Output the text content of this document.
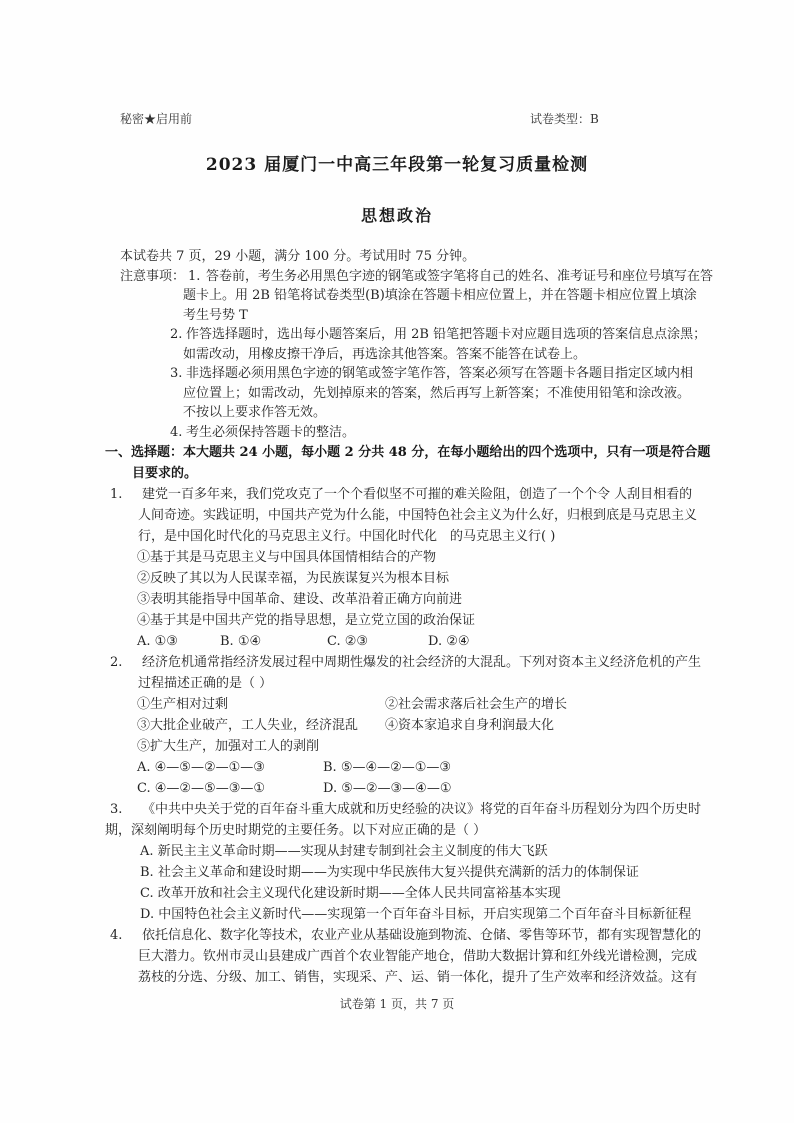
秘密★启用前	试卷类型：B
2023 届厦门一中高三年段第一轮复习质量检测
思想政治
本试卷共 7 页，29 小题，满分 100 分。考试用时 75 分钟。
注意事项： 1. 答卷前，考生务必用黑色字迹的钢笔或签字笔将自己的姓名、准考证号和座位号填写在答
题卡上。用 2B 铅笔将试卷类型(B)填涂在答题卡相应位置上，并在答题卡相应位置上填涂
考生号势 T
2. 作答选择题时，选出每小题答案后，用 2B 铅笔把答题卡对应题目选项的答案信息点涂黑；
如需改动，用橡皮擦干净后，再选涂其他答案。答案不能答在试卷上。
3. 非选择题必须用黑色字迹的钢笔或签字笔作答，答案必须写在答题卡各题目指定区域内相
应位置上；如需改动，先划掉原来的答案，然后再写上新答案；不准使用铅笔和涂改液。
不按以上要求作答无效。
4. 考生必须保持答题卡的整洁。
一、选择题：本大题共 24 小题，每小题 2 分共 48 分，在每小题给出的四个选项中，只有一项是符合题
目要求的。
1. 建党一百多年来，我们党攻克了一个个看似坚不可摧的难关险阻，创造了一个个令 人刮目相看的
人间奇迹。实践证明，中国共产党为什么能，中国特色社会主义为什么好，归根到底是马克思主义
行，是中国化时代化的马克思主义行。中国化时代化　的马克思主义行( )
①基于其是马克思主义与中国具体国情相结合的产物
②反映了其以为人民谋幸福，为民族谋复兴为根本目标
③表明其能指导中国革命、建设、改革沿着正确方向前进
④基于其是中国共产党的指导思想，是立党立国的政治保证
A. ①③	B. ①④	C. ②③	D. ②④
2. 经济危机通常指经济发展过程中周期性爆发的社会经济的大混乱。下列对资本主义经济危机的产生
过程描述正确的是（ ）
①生产相对过剩	②社会需求落后社会生产的增长
③大批企业破产，工人失业，经济混乱 ④资本家追求自身利润最大化
⑤扩大生产，加强对工人的剥削
A. ④—⑤—②—①—③	B. ⑤—④—②—①—③
C. ④—②—⑤—③—①	D. ⑤—②—③—④—①
3. 《中共中央关于党的百年奋斗重大成就和历史经验的决议》将党的百年奋斗历程划分为四个历史时
期，深刻阐明每个历史时期党的主要任务。以下对应正确的是（ ）
A. 新民主主义革命时期——实现从封建专制到社会主义制度的伟大飞跃
B. 社会主义革命和建设时期——为实现中华民族伟大复兴提供充满新的活力的体制保证
C. 改革开放和社会主义现代化建设新时期——全体人民共同富裕基本实现
D. 中国特色社会主义新时代——实现第一个百年奋斗目标，开启实现第二个百年奋斗目标新征程
4. 依托信息化、数字化等技术，农业产业从基础设施到物流、仓储、零售等环节，都有实现智慧化的
巨大潜力。钦州市灵山县建成广西首个农业智能产地仓，借助大数据计算和红外线光谱检测，完成
荔枝的分选、分级、加工、销售，实现采、产、运、销一体化，提升了生产效率和经济效益。这有
试卷第 1 页，共 7 页
